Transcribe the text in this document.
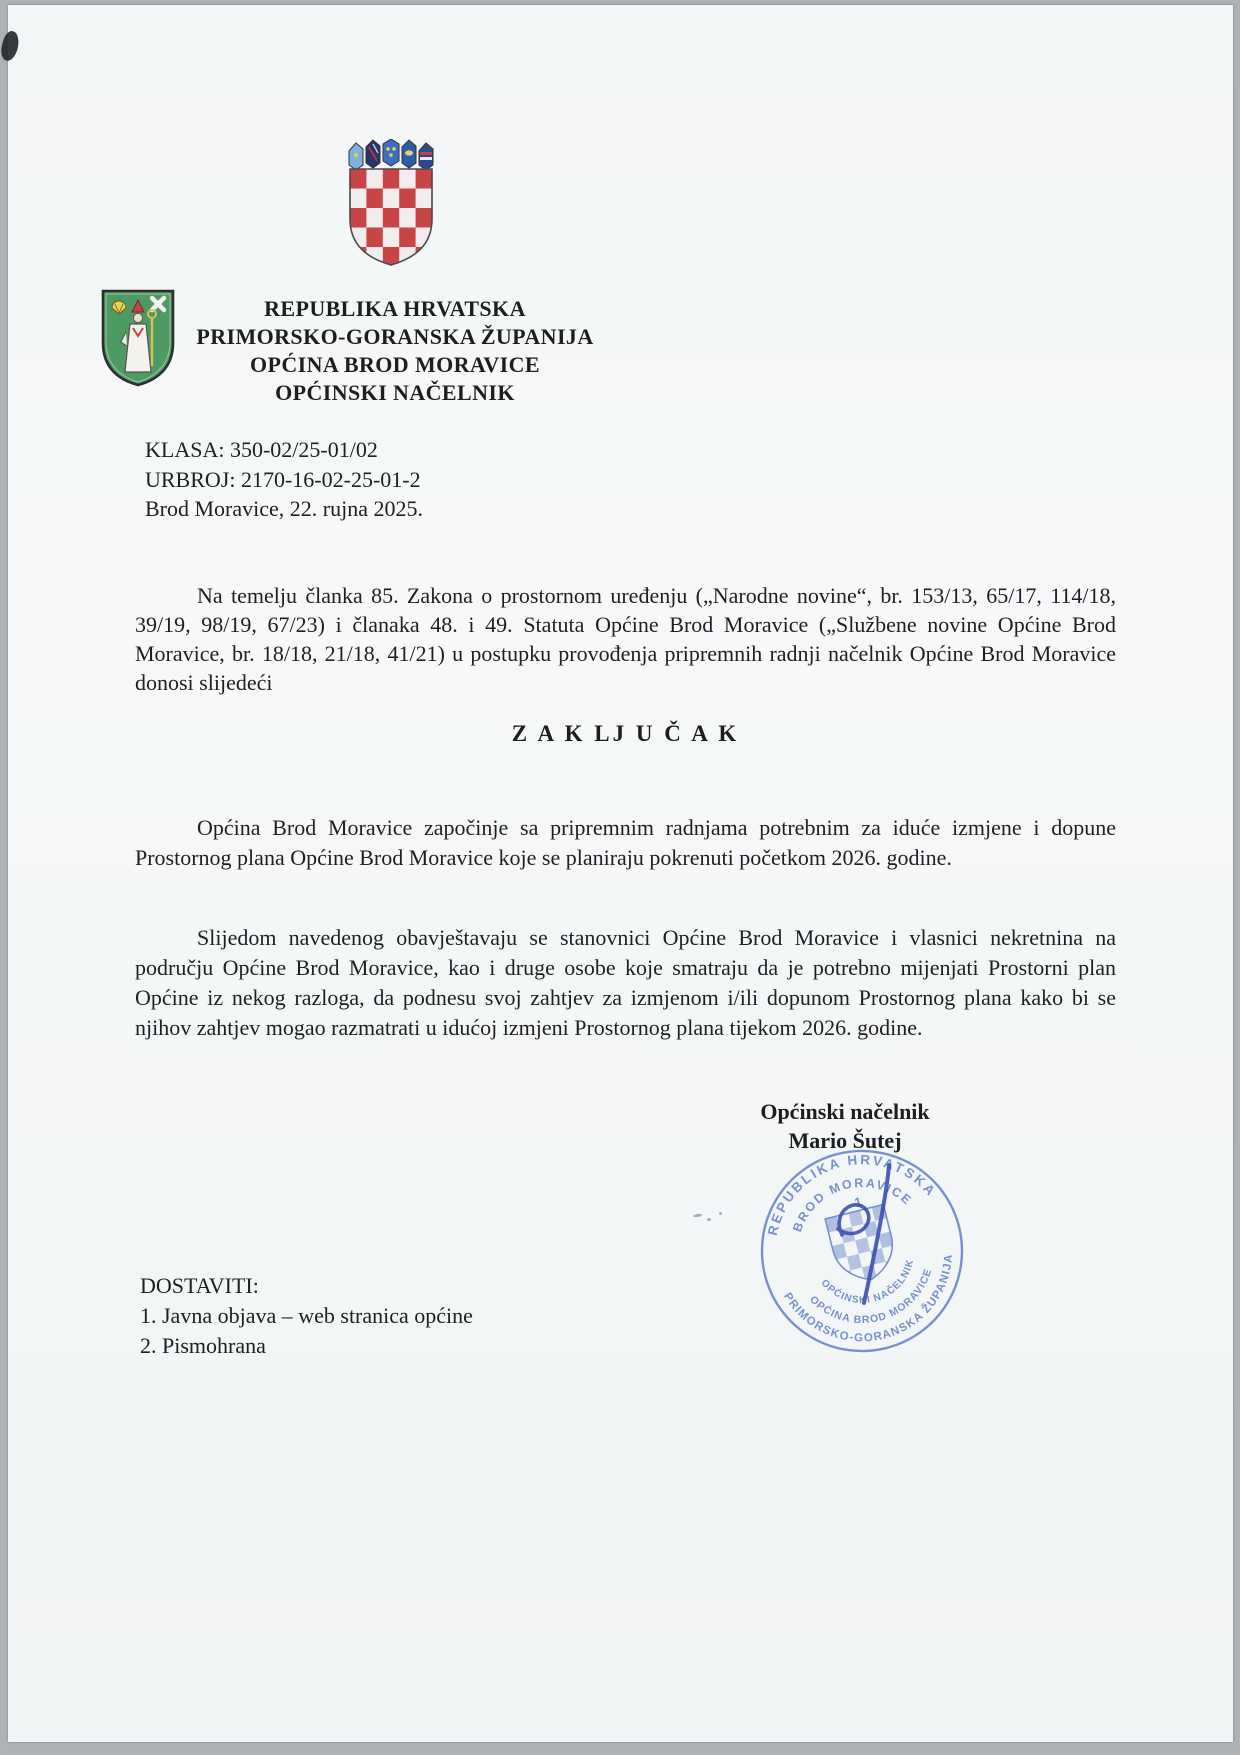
REPUBLIKA HRVATSKA
PRIMORSKO-GORANSKA ŽUPANIJA
OPĆINA BROD MORAVICE
OPĆINSKI NAČELNIK
KLASA: 350-02/25-01/02
URBROJ: 2170-16-02-25-01-2
Brod Moravice, 22. rujna 2025.

Na temelju članka 85. Zakona o prostornom uređenju („Narodne novine“, br. 153/13, 65/17, 114/18, 39/19, 98/19, 67/23) i članaka 48. i 49. Statuta Općine Brod Moravice („Službene novine Općine Brod Moravice, br. 18/18, 21/18, 41/21) u postupku provođenja pripremnih radnji načelnik Općine Brod Moravice donosi slijedeći

Z A K LJ U Č A K

Općina Brod Moravice započinje sa pripremnim radnjama potrebnim za iduće izmjene i dopune Prostornog plana Općine Brod Moravice koje se planiraju pokrenuti početkom 2026. godine.

Slijedom navedenog obavještavaju se stanovnici Općine Brod Moravice i vlasnici nekretnina na području Općine Brod Moravice, kao i druge osobe koje smatraju da je potrebno mijenjati Prostorni plan Općine iz nekog razloga, da podnesu svoj zahtjev za izmjenom i/ili dopunom Prostornog plana kako bi se njihov zahtjev mogao razmatrati u idućoj izmjeni Prostornog plana tijekom 2026. godine.

Općinski načelnik
Mario Šutej
REPUBLIKA HRVATSKA
BROD MORAVICE
1
OPĆINSKI NAČELNIK
OPĆINA BROD MORAVICE
PRIMORSKO-GORANSKA ŽUPANIJA
DOSTAVITI:
1. Javna objava – web stranica općine
2. Pismohrana
